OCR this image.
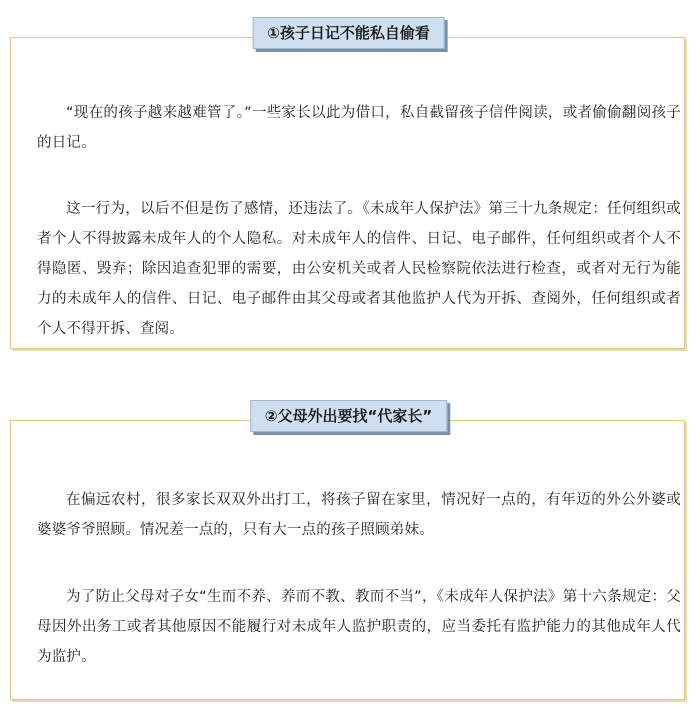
①孩子日记不能私自偷看

“现在的孩子越来越难管了。”一些家长以此为借口，私自截留孩子信件阅读，或者偷偷翻阅孩子的日记。

这一行为，以后不但是伤了感情，还违法了。《未成年人保护法》第三十九条规定：任何组织或者个人不得披露未成年人的个人隐私。对未成年人的信件、日记、电子邮件，任何组织或者个人不得隐匿、毁弃；除因追查犯罪的需要，由公安机关或者人民检察院依法进行检查，或者对无行为能力的未成年人的信件、日记、电子邮件由其父母或者其他监护人代为开拆、查阅外，任何组织或者个人不得开拆、查阅。

②父母外出要找“代家长”

在偏远农村，很多家长双双外出打工，将孩子留在家里，情况好一点的，有年迈的外公外婆或婆婆爷爷照顾。情况差一点的，只有大一点的孩子照顾弟妹。

为了防止父母对子女“生而不养、养而不教、教而不当”，《未成年人保护法》第十六条规定：父母因外出务工或者其他原因不能履行对未成年人监护职责的，应当委托有监护能力的其他成年人代为监护。
